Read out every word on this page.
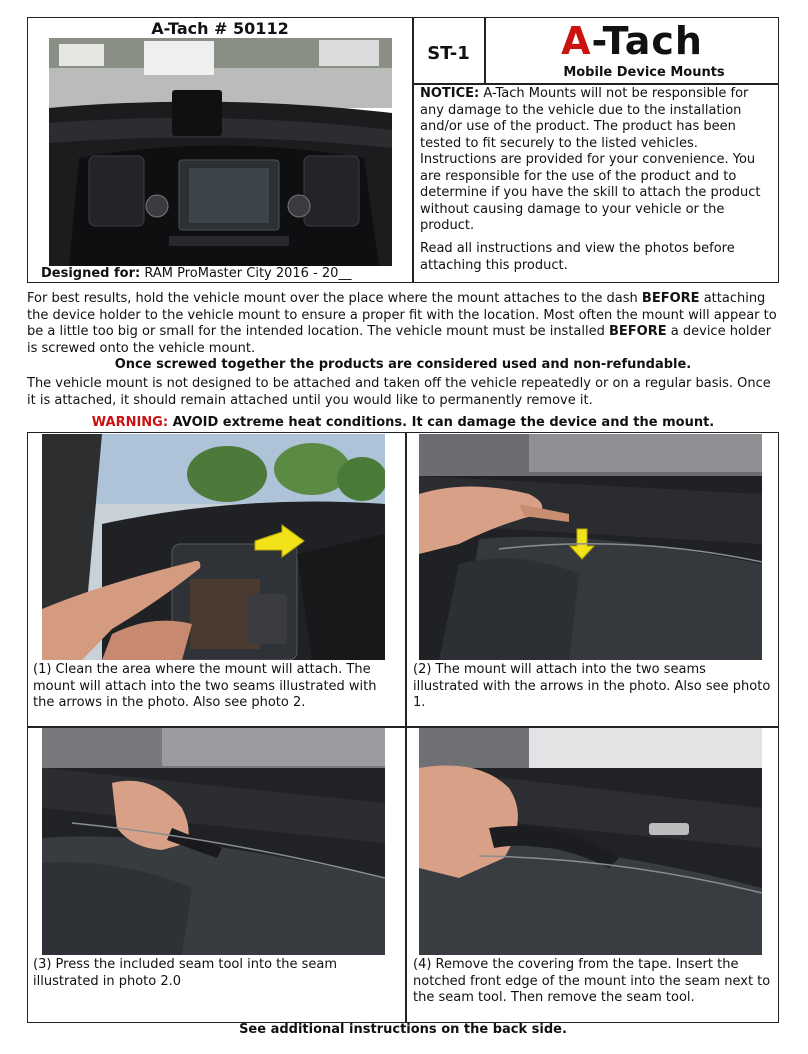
A-Tach # 50112
Designed for: RAM ProMaster City 2016 - 20__
ST-1	A-Tach
Mobile Device Mounts
NOTICE: A-Tach Mounts will not be responsible for any damage to the vehicle due to the installation and/or use of the product. The product has been tested to fit securely to the listed vehicles. Instructions are provided for your convenience. You are responsible for the use of the product and to determine if you have the skill to attach the product without causing damage to your vehicle or the product.
Read all instructions and view the photos before attaching this product.
For best results, hold the vehicle mount over the place where the mount attaches to the dash BEFORE attaching the device holder to the vehicle mount to ensure a proper fit with the location. Most often the mount will appear to be a little too big or small for the intended location. The vehicle mount must be installed BEFORE a device holder is screwed onto the vehicle mount.
Once screwed together the products are considered used and non-refundable.
The vehicle mount is not designed to be attached and taken off the vehicle repeatedly or on a regular basis. Once it is attached, it should remain attached until you would like to permanently remove it.
WARNING: AVOID extreme heat conditions. It can damage the device and the mount.
(1) Clean the area where the mount will attach. The mount will attach into the two seams illustrated with the arrows in the photo. Also see photo 2.
(2) The mount will attach into the two seams illustrated with the arrows in the photo. Also see photo 1.
(3) Press the included seam tool into the seam illustrated in photo 2.0
(4) Remove the covering from the tape. Insert the notched front edge of the mount into the seam next to the seam tool. Then remove the seam tool.
See additional instructions on the back side.
